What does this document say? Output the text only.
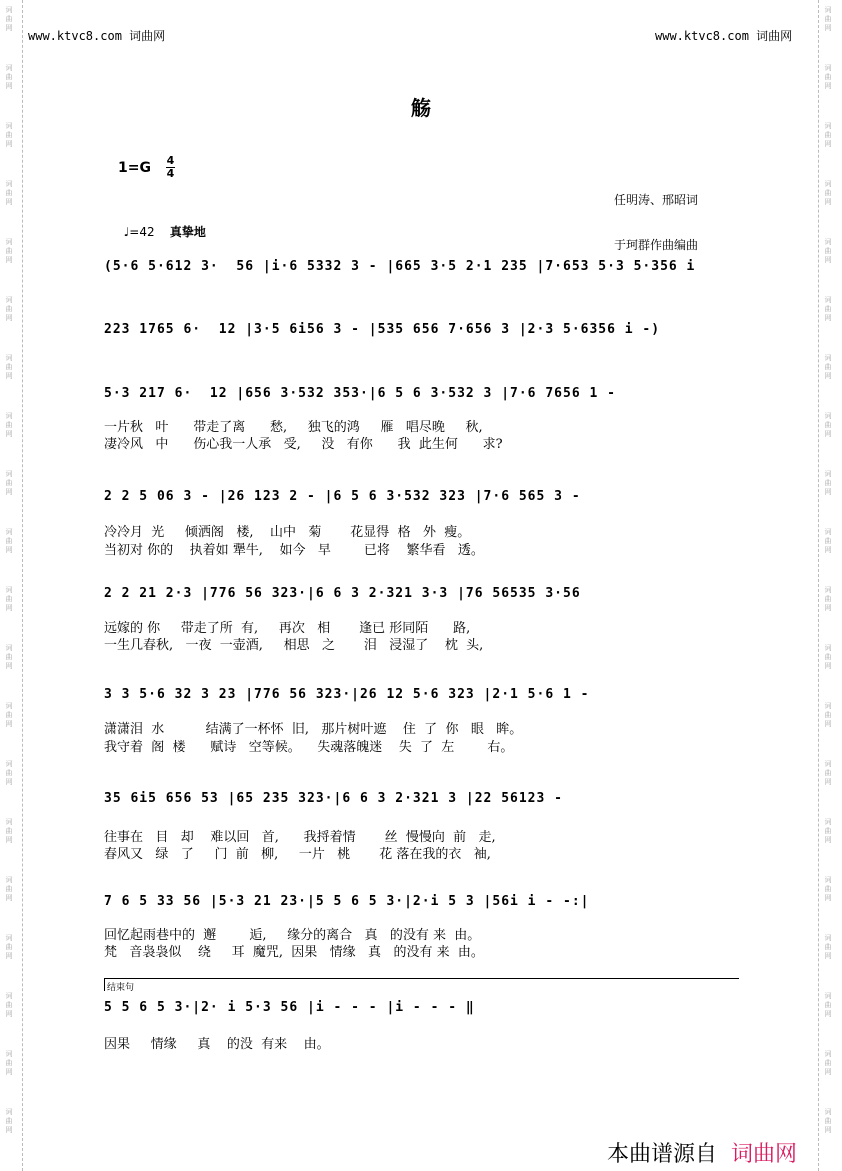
词
曲
网
词
曲
网
词
曲
网
词
曲
网
词
曲
网
词
曲
网
词
曲
网
词
曲
网
词
曲
网
词
曲
网
词
曲
网
词
曲
网
词
曲
网
词
曲
网
词
曲
网
词
曲
网
词
曲
网
词
曲
网
词
曲
网
词
曲
网
词
曲
网
词
曲
网
词
曲
网
词
曲
网
词
曲
网
词
曲
网
词
曲
网
词
曲
网
词
曲
网
词
曲
网
词
曲
网
词
曲
网
词
曲
网
词
曲
网
词
曲
网
词
曲
网
词
曲
网
词
曲
网
词
曲
网
词
曲
网
www.ktvc8.com 词曲网	www.ktvc8.com 词曲网
觞
1=G 4
4

任明涛、邢昭词

于珂群作曲编曲

♩=42 真挚地

(5·6 5·612 3·  56 |i·6 5332 3 - |665 3·5 2·1 235 |7·653 5·3 5·356 i
223 1765 6·  12 |3·5 6i56 3 - |535 656 7·656 3 |2·3 5·6356 i -)
5·3 217 6·  12 |656 3·532 353·|6 5 6 3·532 3 |7·6 7656 1 -
一片秋   叶      带走了离      愁,     独飞的鸿     雁   唱尽晚     秋,
凄冷风   中      伤心我一人承   受,     没   有你      我  此生何      求?
2 2 5 06 3 - |26 123 2 - |6 5 6 3·532 323 |7·6 565 3 -
冷冷月  光     倾洒阁   楼,    山中   菊       花显得  格   外  瘦。
当初对 你的    执着如 犟牛,    如今   早        已将    繁华看   透。
2 2 21 2·3 |776 56 323·|6 6 3 2·321 3·3 |76 56535 3·56
远嫁的 你     带走了所  有,     再次   相       逢已 形同陌      路,
一生几春秋,   一夜  一壶酒,     相思   之       泪   浸湿了    枕  头,
3 3 5·6 32 3 23 |776 56 323·|26 12 5·6 323 |2·1 5·6 1 -
潇潇泪  水          结满了一杯怀  旧,   那片树叶遮    住  了  你   眼   眸。
我守着  阁  楼      赋诗   空等候。    失魂落魄迷    失  了  左        右。
35 6i5 656 53 |65 235 323·|6 6 3 2·321 3 |22 56123 -
往事在   目   却    难以回   首,      我捋着情       丝  慢慢向  前   走,
春风又   绿   了     门  前   柳,     一片   桃       花 落在我的衣   袖,
7 6 5 33 56 |5·3 21 23·|5 5 6 5 3·|2·i 5 3 |56i i - -:|
回忆起雨巷中的  邂        逅,     缘分的离合   真   的没有 来  由。
梵   音袅袅似    绕     耳  魔咒,  因果   情缘   真   的没有 来  由。
结束句
5 5 6 5 3·|2· i 5·3 56 |i - - - |i - - - ‖
因果     情缘     真    的没  有来    由。

本曲谱源自 词曲网
